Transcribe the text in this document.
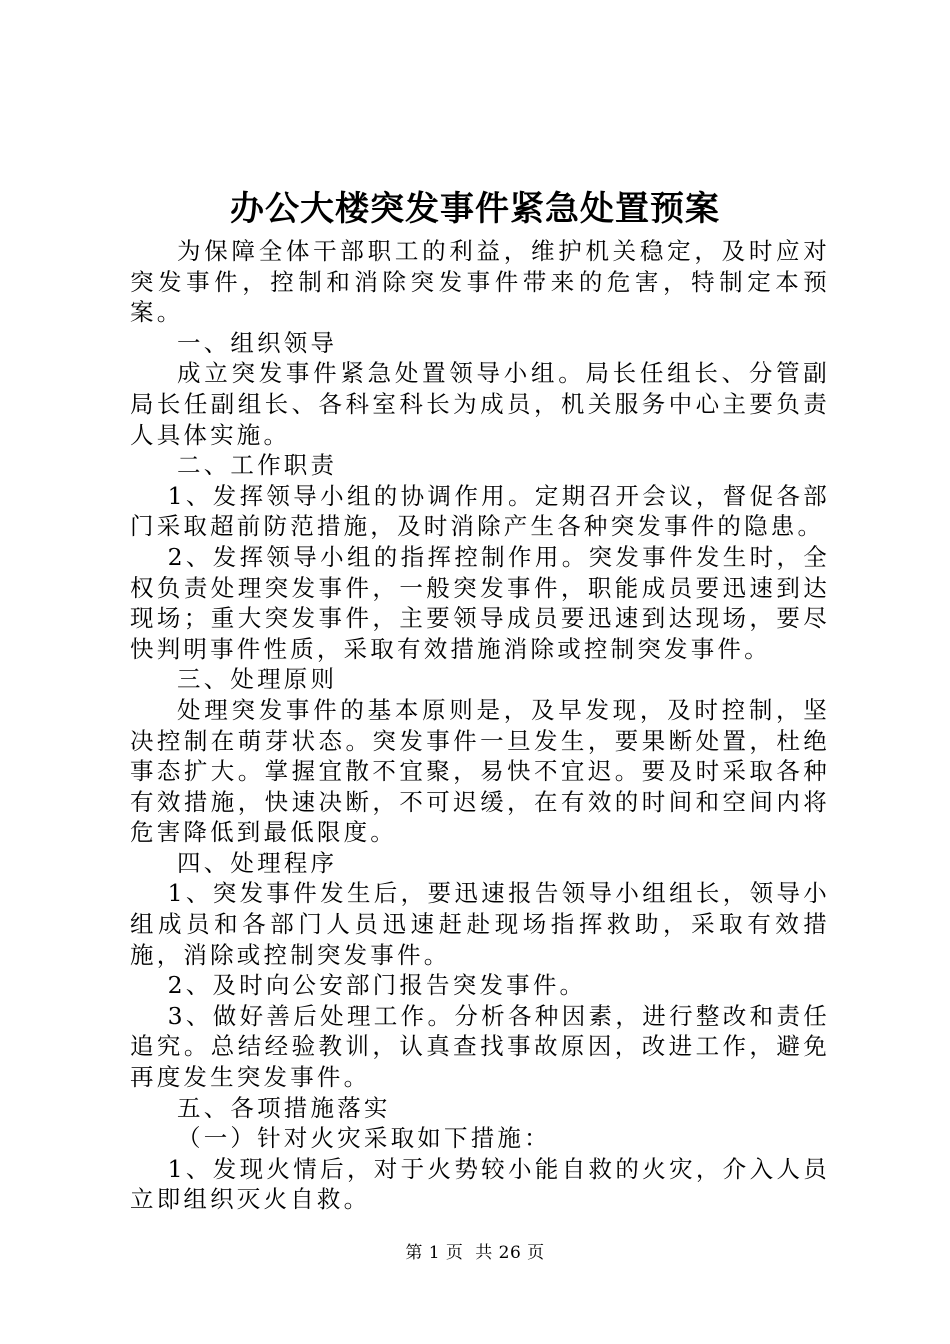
办公大楼突发事件紧急处置预案

为保障全体干部职工的利益，维护机关稳定，及时应对突发事件，控制和消除突发事件带来的危害，特制定本预案。

一、组织领导

成立突发事件紧急处置领导小组。局长任组长、分管副局长任副组长、各科室科长为成员，机关服务中心主要负责人具体实施。

二、工作职责

1、发挥领导小组的协调作用。定期召开会议，督促各部门采取超前防范措施，及时消除产生各种突发事件的隐患。

2、发挥领导小组的指挥控制作用。突发事件发生时，全权负责处理突发事件，一般突发事件，职能成员要迅速到达现场；重大突发事件，主要领导成员要迅速到达现场，要尽快判明事件性质，采取有效措施消除或控制突发事件。

三、处理原则

处理突发事件的基本原则是，及早发现，及时控制，坚决控制在萌芽状态。突发事件一旦发生，要果断处置，杜绝事态扩大。掌握宜散不宜聚，易快不宜迟。要及时采取各种有效措施，快速决断，不可迟缓，在有效的时间和空间内将危害降低到最低限度。

四、处理程序

1、突发事件发生后，要迅速报告领导小组组长，领导小组成员和各部门人员迅速赶赴现场指挥救助，采取有效措施，消除或控制突发事件。

2、及时向公安部门报告突发事件。

3、做好善后处理工作。分析各种因素，进行整改和责任追究。总结经验教训，认真查找事故原因，改进工作，避免再度发生突发事件。

五、各项措施落实

（一）针对火灾采取如下措施：

1、发现火情后，对于火势较小能自救的火灾，介入人员立即组织灭火自救。

第 1 页  共 26 页
